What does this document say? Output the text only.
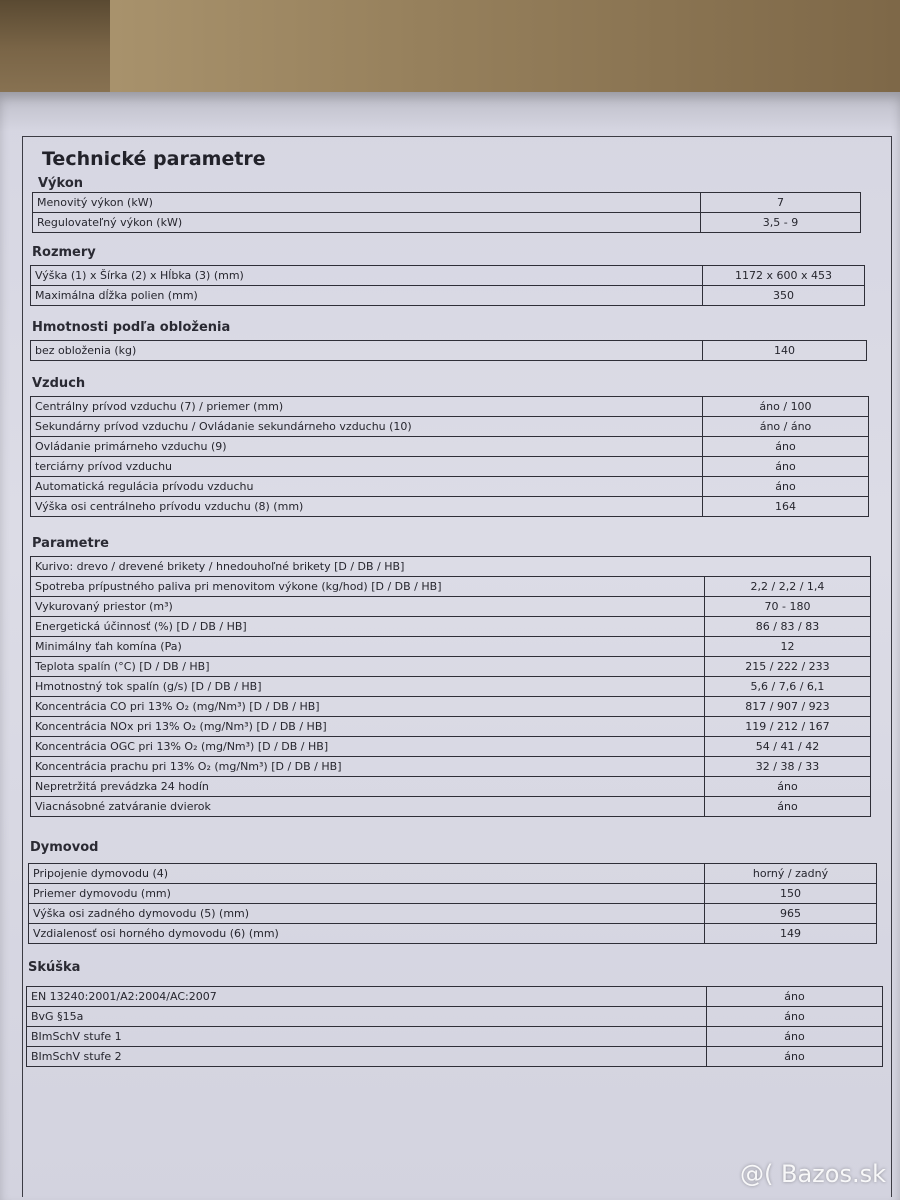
Technické parametre
Výkon
Menovitý výkon (kW)	7
Regulovateľný výkon (kW)	3,5 - 9
Rozmery
Výška (1) x Šírka (2) x Hĺbka (3) (mm)	1172 x 600 x 453
Maximálna dĺžka polien (mm)	350
Hmotnosti podľa obloženia
bez obloženia (kg)	140
Vzduch
Centrálny prívod vzduchu (7) / priemer (mm)	áno / 100
Sekundárny prívod vzduchu / Ovládanie sekundárneho vzduchu (10)	áno / áno
Ovládanie primárneho vzduchu (9)	áno
terciárny prívod vzduchu	áno
Automatická regulácia prívodu vzduchu	áno
Výška osi centrálneho prívodu vzduchu (8) (mm)	164
Parametre
Kurivo: drevo / drevené brikety / hnedouhoľné brikety [D / DB / HB]	
Spotreba prípustného paliva pri menovitom výkone (kg/hod) [D / DB / HB]	2,2 / 2,2 / 1,4
Vykurovaný priestor (m³)	70 - 180
Energetická účinnosť (%) [D / DB / HB]	86 / 83 / 83
Minimálny ťah komína (Pa)	12
Teplota spalín (°C) [D / DB / HB]	215 / 222 / 233
Hmotnostný tok spalín (g/s) [D / DB / HB]	5,6 / 7,6 / 6,1
Koncentrácia CO pri 13% O₂ (mg/Nm³) [D / DB / HB]	817 / 907 / 923
Koncentrácia NOx pri 13% O₂ (mg/Nm³) [D / DB / HB]	119 / 212 / 167
Koncentrácia OGC pri 13% O₂ (mg/Nm³) [D / DB / HB]	54 / 41 / 42
Koncentrácia prachu pri 13% O₂ (mg/Nm³) [D / DB / HB]	32 / 38 / 33
Nepretržitá prevádzka 24 hodín	áno
Viacnásobné zatváranie dvierok	áno
Dymovod
Pripojenie dymovodu (4)	horný / zadný
Priemer dymovodu (mm)	150
Výška osi zadného dymovodu (5) (mm)	965
Vzdialenosť osi horného dymovodu (6) (mm)	149
Skúška
EN 13240:2001/A2:2004/AC:2007	áno
BvG §15a	áno
BImSchV stufe 1	áno
BImSchV stufe 2	áno
@( Bazos.sk
